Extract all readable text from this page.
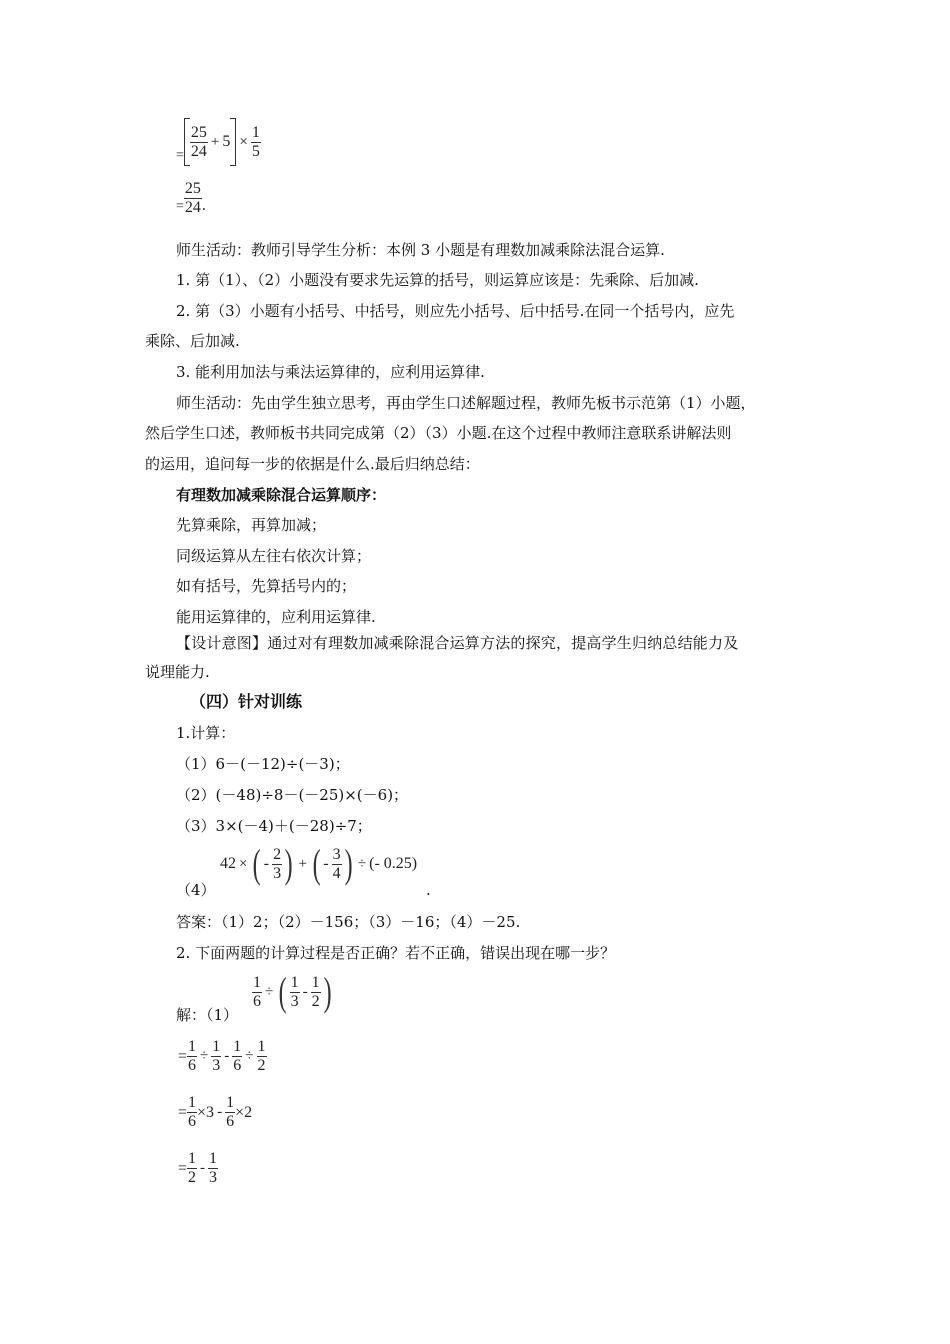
= $\frac{25}{24} + 5 \times \frac{1}{5}$
= $\frac{25}{24}$ .
师生活动：教师引导学生分析：本例 3 小题是有理数加减乘除法混合运算.
1. 第（1）、（2）小题没有要求先运算的括号，则运算应该是：先乘除、后加减.
2. 第（3）小题有小括号、中括号，则应先小括号、后中括号.在同一个括号内，应先
乘除、后加减.
3. 能利用加法与乘法运算律的，应利用运算律.
师生活动：先由学生独立思考，再由学生口述解题过程，教师先板书示范第（1）小题，
然后学生口述，教师板书共同完成第（2）（3）小题.在这个过程中教师注意联系讲解法则
的运用，追问每一步的依据是什么.最后归纳总结：
有理数加减乘除混合运算顺序：
先算乘除，再算加减；
同级运算从左往右依次计算；
如有括号，先算括号内的；
能用运算律的，应利用运算律.
【设计意图】通过对有理数加减乘除混合运算方法的探究，提高学生归纳总结能力及
说理能力.
（四）针对训练
1.计算：
（1）6－(－12)÷(－3)；
（2）(－48)÷8－(－25)×(－6)；
（3）3×(－4)＋(－28)÷7；
（4）
42 × ( - $\frac{2}{3}$ ) + ( - $\frac{3}{4}$ ) ÷ (- 0.25)
.
答案：（1）2；（2）－156；（3）－16；（4）－25.
2. 下面两题的计算过程是否正确？若不正确，错误出现在哪一步？
解：（1）
$\frac{1}{6}$ ÷ ( $\frac{1}{3} - \frac{1}{2}$ )
= $\frac{1}{6} \div \frac{1}{3} - \frac{1}{6} \div \frac{1}{2}$
= $\frac{1}{6} \times 3 - \frac{1}{6} \times 2$
= $\frac{1}{2} - \frac{1}{3}$
